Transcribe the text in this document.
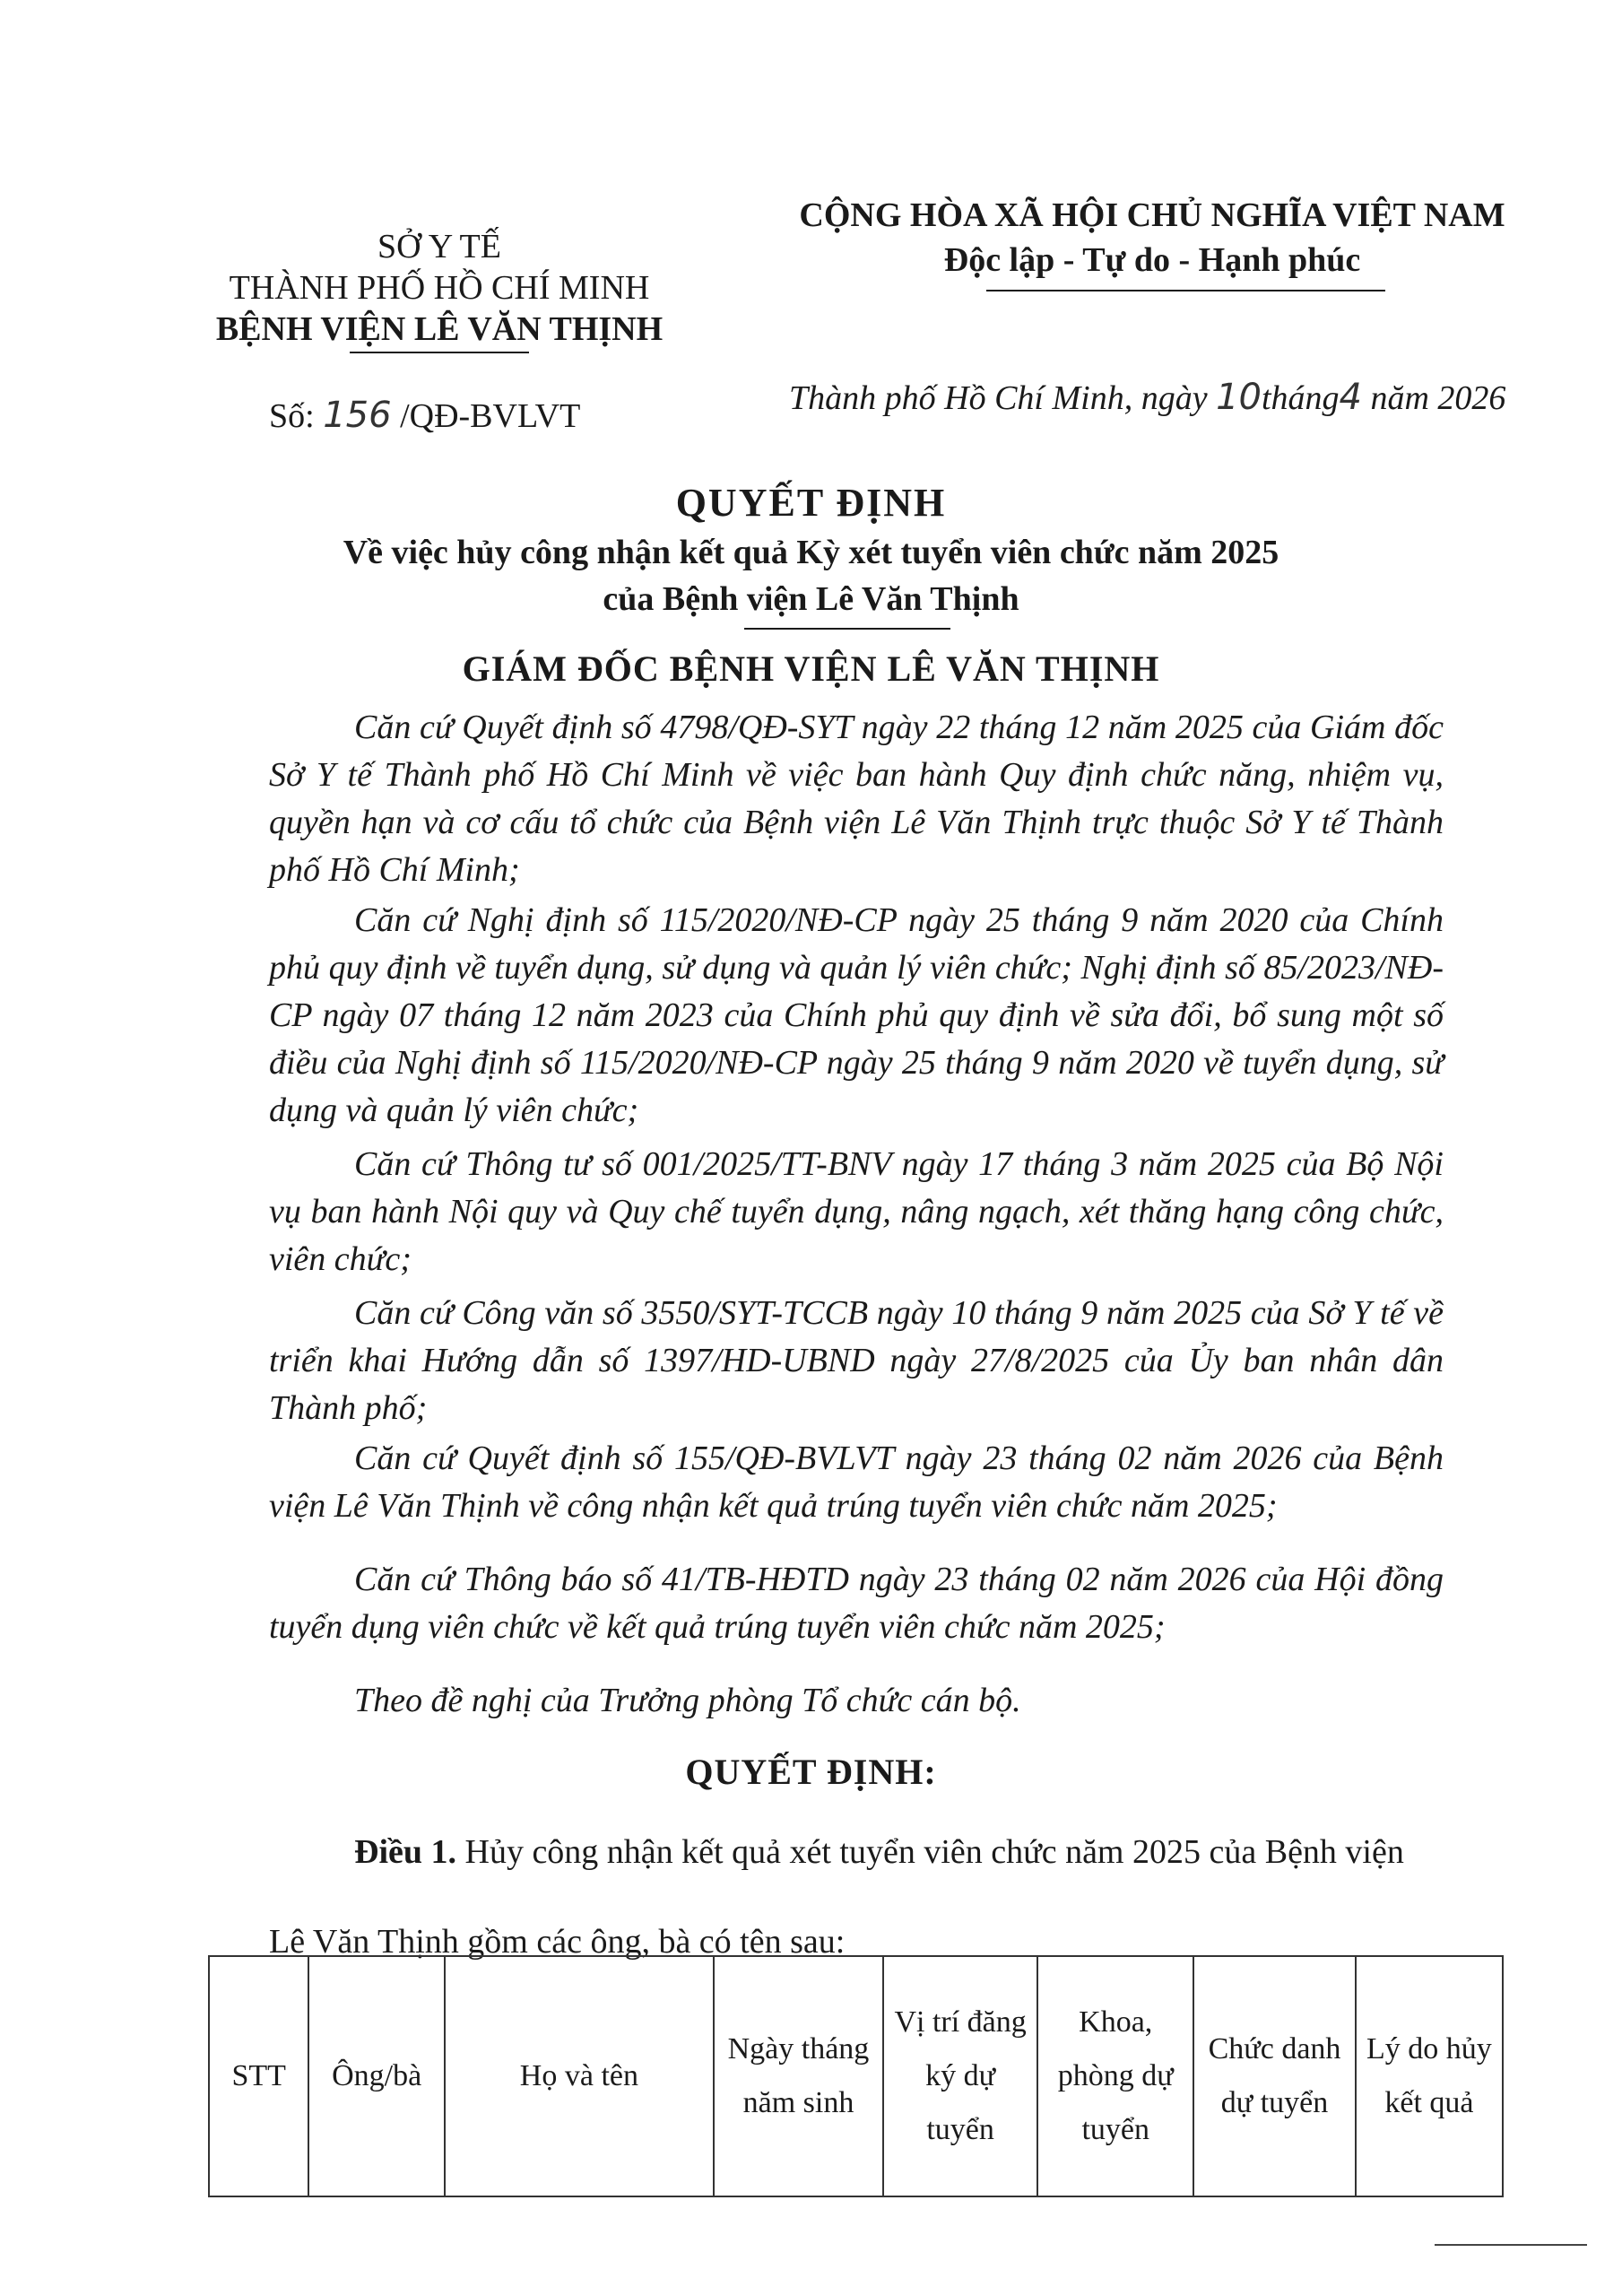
SỞ Y TẾ
THÀNH PHỐ HỒ CHÍ MINH
BỆNH VIỆN LÊ VĂN THỊNH
CỘNG HÒA XÃ HỘI CHỦ NGHĨA VIỆT NAM
Độc lập - Tự do - Hạnh phúc
Số: 156 /QĐ-BVLVT	Thành phố Hồ Chí Minh, ngày 10tháng4 năm 2026
QUYẾT ĐỊNH
Về việc hủy công nhận kết quả Kỳ xét tuyển viên chức năm 2025
của Bệnh viện Lê Văn Thịnh
GIÁM ĐỐC BỆNH VIỆN LÊ VĂN THỊNH
Căn cứ Quyết định số 4798/QĐ-SYT ngày 22 tháng 12 năm 2025 của Giám đốc Sở Y tế Thành phố Hồ Chí Minh về việc ban hành Quy định chức năng, nhiệm vụ, quyền hạn và cơ cấu tổ chức của Bệnh viện Lê Văn Thịnh trực thuộc Sở Y tế Thành phố Hồ Chí Minh;
Căn cứ Nghị định số 115/2020/NĐ-CP ngày 25 tháng 9 năm 2020 của Chính phủ quy định về tuyển dụng, sử dụng và quản lý viên chức; Nghị định số 85/2023/NĐ-CP ngày 07 tháng 12 năm 2023 của Chính phủ quy định về sửa đổi, bổ sung một số điều của Nghị định số 115/2020/NĐ-CP ngày 25 tháng 9 năm 2020 về tuyển dụng, sử dụng và quản lý viên chức;
Căn cứ Thông tư số 001/2025/TT-BNV ngày 17 tháng 3 năm 2025 của Bộ Nội vụ ban hành Nội quy và Quy chế tuyển dụng, nâng ngạch, xét thăng hạng công chức, viên chức;
Căn cứ Công văn số 3550/SYT-TCCB ngày 10 tháng 9 năm 2025 của Sở Y tế về triển khai Hướng dẫn số 1397/HD-UBND ngày 27/8/2025 của Ủy ban nhân dân Thành phố;
Căn cứ Quyết định số 155/QĐ-BVLVT ngày 23 tháng 02 năm 2026 của Bệnh viện Lê Văn Thịnh về công nhận kết quả trúng tuyển viên chức năm 2025;
Căn cứ Thông báo số 41/TB-HĐTD ngày 23 tháng 02 năm 2026 của Hội đồng tuyển dụng viên chức về kết quả trúng tuyển viên chức năm 2025;
Theo đề nghị của Trưởng phòng Tổ chức cán bộ.
QUYẾT ĐỊNH:
Điều 1. Hủy công nhận kết quả xét tuyển viên chức năm 2025 của Bệnh viện Lê Văn Thịnh gồm các ông, bà có tên sau:
STT	Ông/bà	Họ và tên	Ngày tháng năm sinh	Vị trí đăng ký dự tuyển	Khoa, phòng dự tuyển	Chức danh dự tuyển	Lý do hủy kết quả
